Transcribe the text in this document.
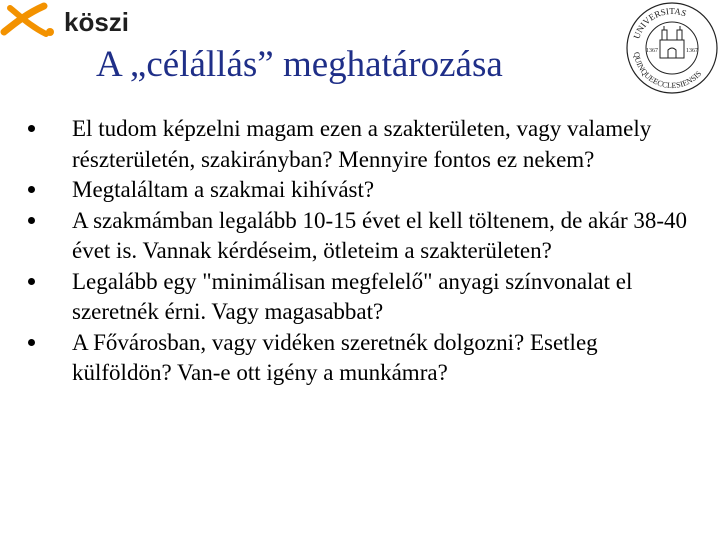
köszi	UNIVERSITAS
QUINQUEECCLESIENSIS
1367	1367
A „célállás” meghatározása
El tudom képzelni magam ezen a szakterületen, vagy valamely részterületén, szakirányban? Mennyire fontos ez nekem?
Megtaláltam a szakmai kihívást?
A szakmámban legalább 10-15 évet el kell töltenem, de akár 38-40 évet is. Vannak kérdéseim, ötleteim a szakterületen?
Legalább egy "minimálisan megfelelő" anyagi színvonalat el szeretnék érni. Vagy magasabbat?
A Fővárosban, vagy vidéken szeretnék dolgozni? Esetleg külföldön? Van-e ott igény a munkámra?
